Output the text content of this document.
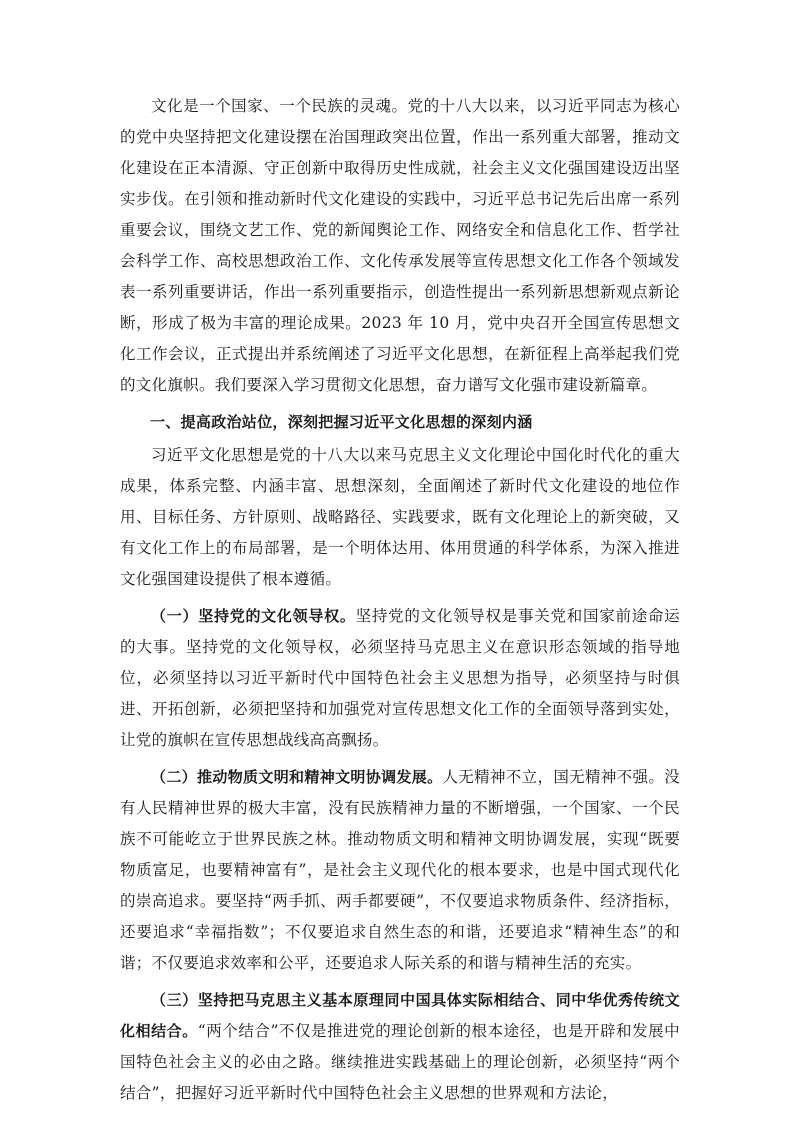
文化是一个国家、一个民族的灵魂。党的十八大以来，以习近平同志为核心的党中央坚持把文化建设摆在治国理政突出位置，作出一系列重大部署，推动文化建设在正本清源、守正创新中取得历史性成就，社会主义文化强国建设迈出坚实步伐。在引领和推动新时代文化建设的实践中，习近平总书记先后出席一系列重要会议，围绕文艺工作、党的新闻舆论工作、网络安全和信息化工作、哲学社会科学工作、高校思想政治工作、文化传承发展等宣传思想文化工作各个领域发表一系列重要讲话，作出一系列重要指示，创造性提出一系列新思想新观点新论断，形成了极为丰富的理论成果。2023 年 10 月，党中央召开全国宣传思想文化工作会议，正式提出并系统阐述了习近平文化思想，在新征程上高举起我们党的文化旗帜。我们要深入学习贯彻文化思想，奋力谱写文化强市建设新篇章。

一、提高政治站位，深刻把握习近平文化思想的深刻内涵

习近平文化思想是党的十八大以来马克思主义文化理论中国化时代化的重大成果，体系完整、内涵丰富、思想深刻，全面阐述了新时代文化建设的地位作用、目标任务、方针原则、战略路径、实践要求，既有文化理论上的新突破，又有文化工作上的布局部署，是一个明体达用、体用贯通的科学体系，为深入推进文化强国建设提供了根本遵循。

（一）坚持党的文化领导权。坚持党的文化领导权是事关党和国家前途命运的大事。坚持党的文化领导权，必须坚持马克思主义在意识形态领域的指导地位，必须坚持以习近平新时代中国特色社会主义思想为指导，必须坚持与时俱进、开拓创新，必须把坚持和加强党对宣传思想文化工作的全面领导落到实处，让党的旗帜在宣传思想战线高高飘扬。

（二）推动物质文明和精神文明协调发展。人无精神不立，国无精神不强。没有人民精神世界的极大丰富，没有民族精神力量的不断增强，一个国家、一个民族不可能屹立于世界民族之林。推动物质文明和精神文明协调发展，实现“既要物质富足，也要精神富有”，是社会主义现代化的根本要求，也是中国式现代化的崇高追求。要坚持“两手抓、两手都要硬”，不仅要追求物质条件、经济指标，还要追求“幸福指数”；不仅要追求自然生态的和谐，还要追求“精神生态”的和谐；不仅要追求效率和公平，还要追求人际关系的和谐与精神生活的充实。

（三）坚持把马克思主义基本原理同中国具体实际相结合、同中华优秀传统文化相结合。“两个结合”不仅是推进党的理论创新的根本途径，也是开辟和发展中国特色社会主义的必由之路。继续推进实践基础上的理论创新，必须坚持“两个结合”，把握好习近平新时代中国特色社会主义思想的世界观和方法论，
